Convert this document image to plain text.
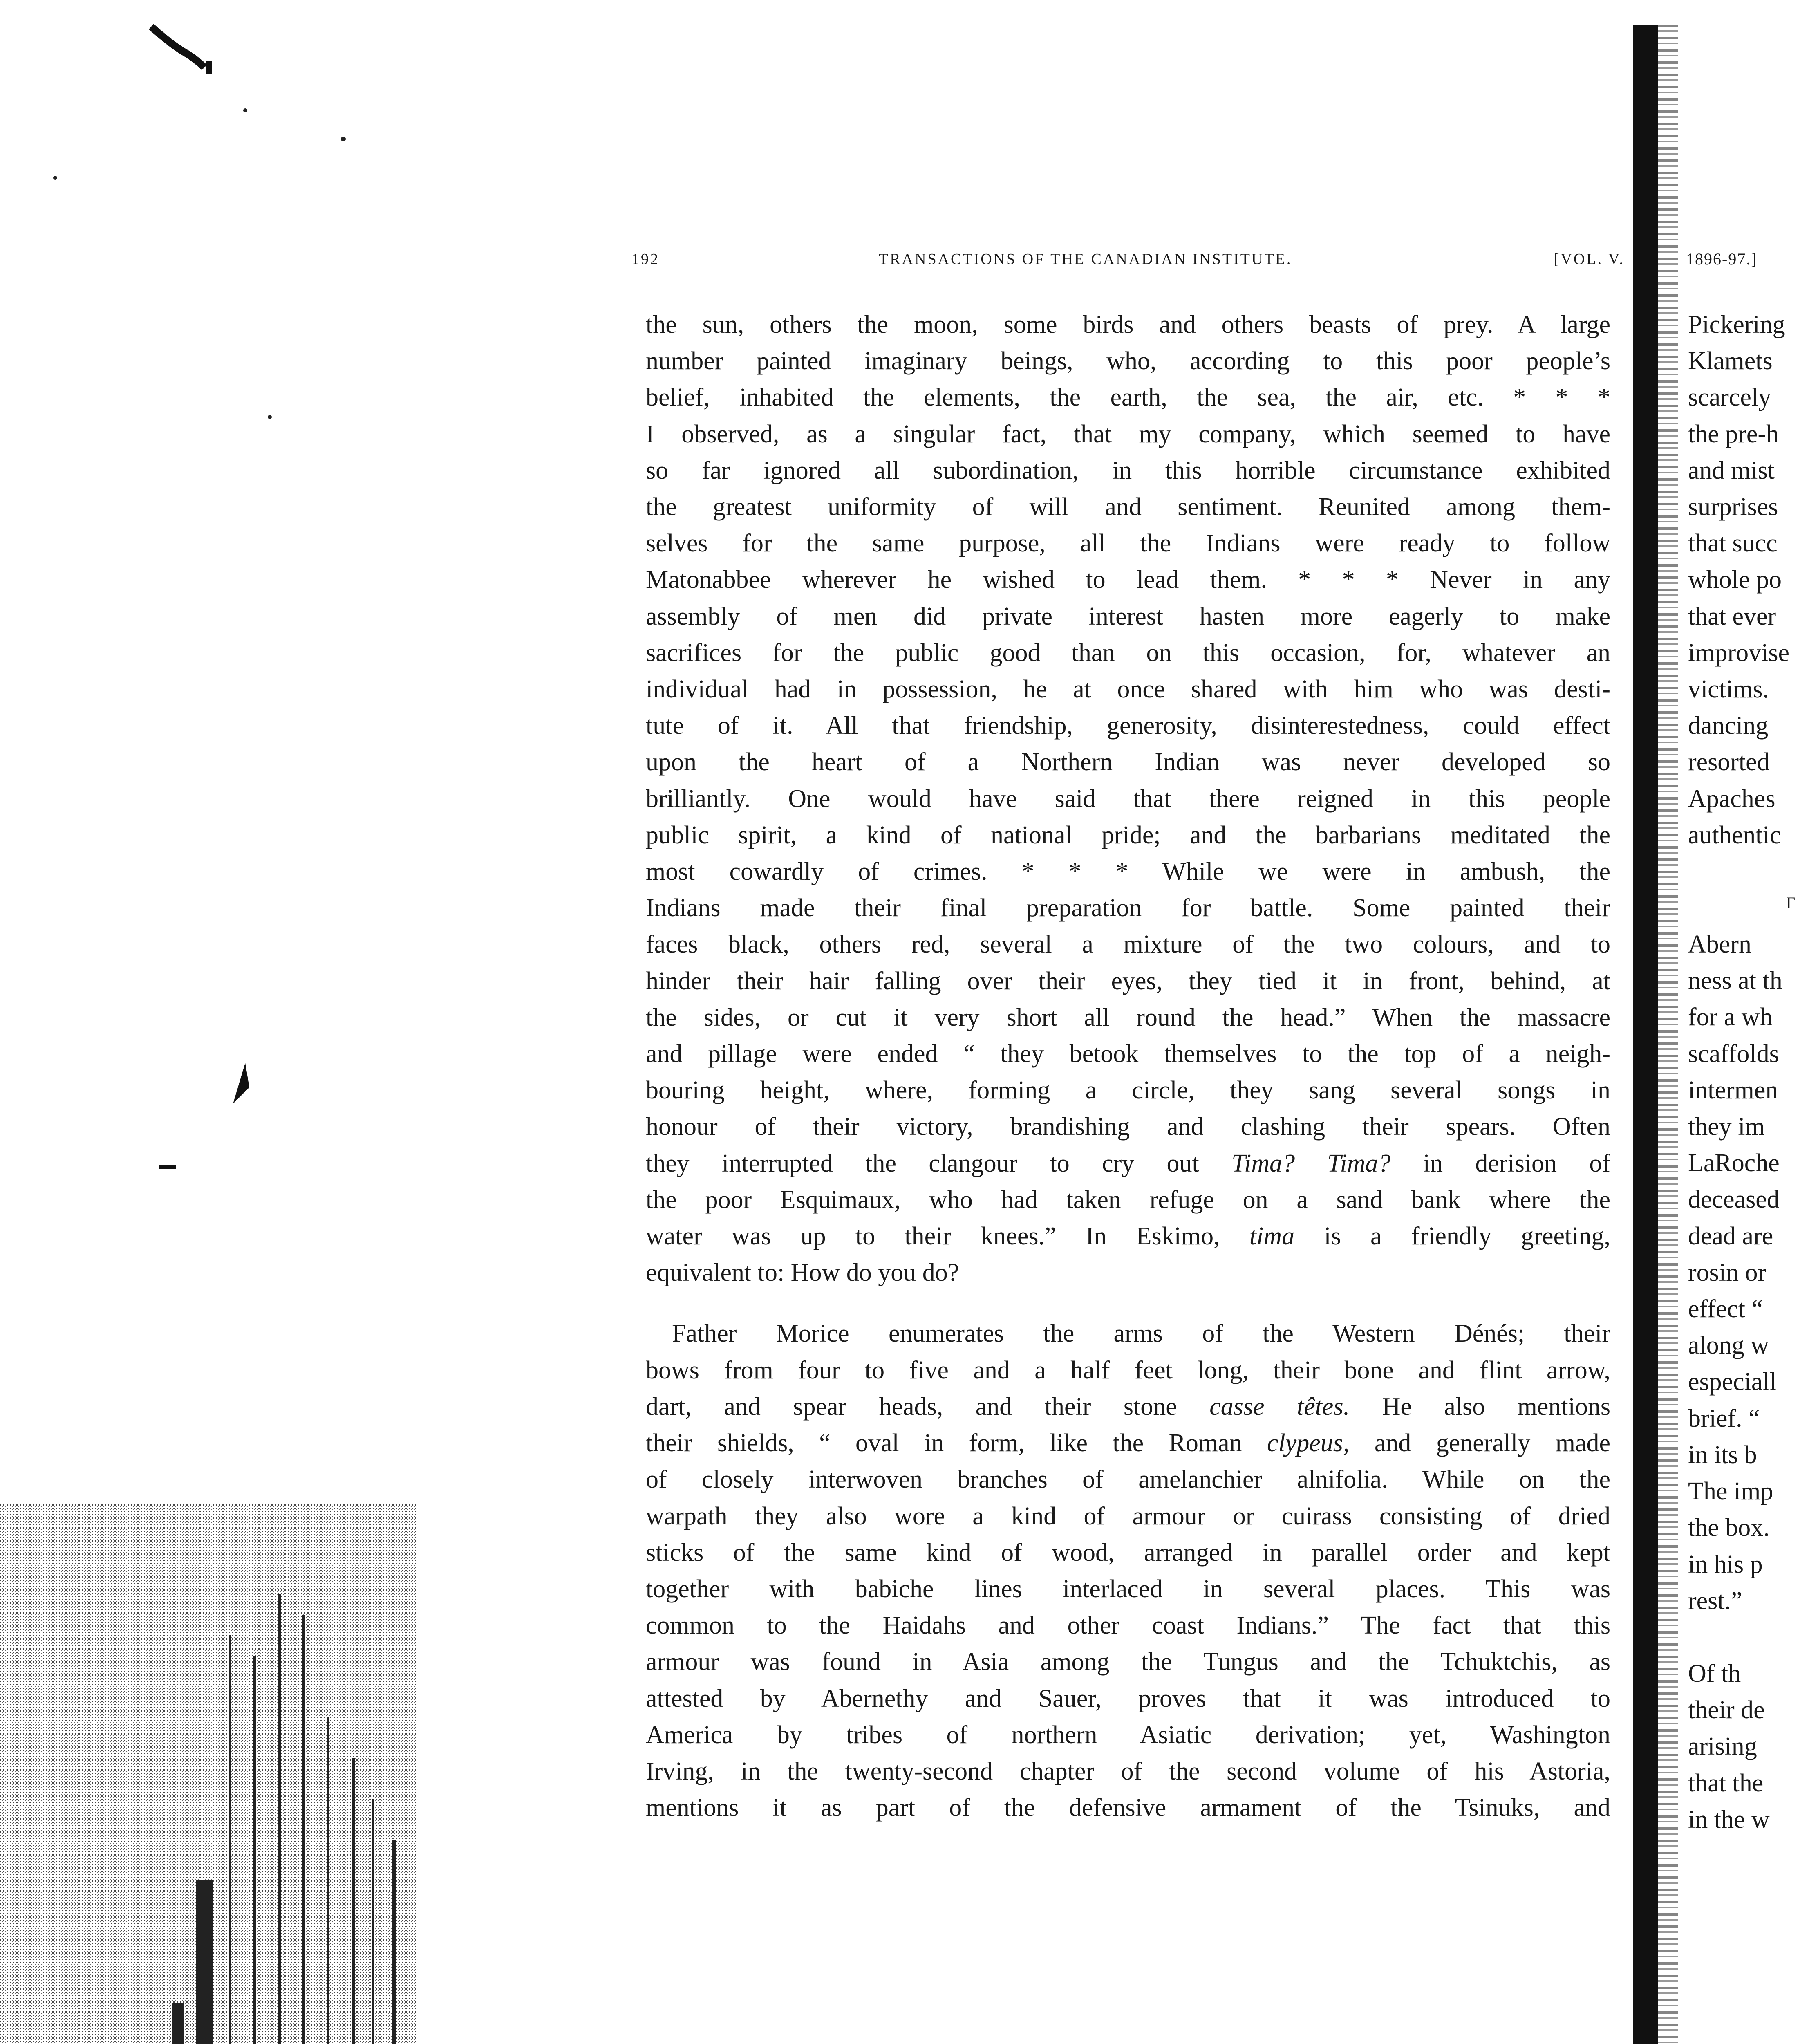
192	TRANSACTIONS OF THE CANADIAN INSTITUTE.	[VOL. V.
the sun, others the moon, some birds and others beasts of prey. A large
number painted imaginary beings, who, according to this poor people’s
belief, inhabited the elements, the earth, the sea, the air, etc. * * *
I observed, as a singular fact, that my company, which seemed to have
so far ignored all subordination, in this horrible circumstance exhibited
the greatest uniformity of will and sentiment. Reunited among them-
selves for the same purpose, all the Indians were ready to follow
Matonabbee wherever he wished to lead them. * * * Never in any
assembly of men did private interest hasten more eagerly to make
sacrifices for the public good than on this occasion, for, whatever an
individual had in possession, he at once shared with him who was desti-
tute of it. All that friendship, generosity, disinterestedness, could effect
upon the heart of a Northern Indian was never developed so
brilliantly. One would have said that there reigned in this people
public spirit, a kind of national pride; and the barbarians meditated the
most cowardly of crimes. * * * While we were in ambush, the
Indians made their final preparation for battle. Some painted their
faces black, others red, several a mixture of the two colours, and to
hinder their hair falling over their eyes, they tied it in front, behind, at
the sides, or cut it very short all round the head.” When the massacre
and pillage were ended “ they betook themselves to the top of a neigh-
bouring height, where, forming a circle, they sang several songs in
honour of their victory, brandishing and clashing their spears. Often
they interrupted the clangour to cry out Tima? Tima? in derision of
the poor Esquimaux, who had taken refuge on a sand bank where the
water was up to their knees.” In Eskimo, tima is a friendly greeting,
equivalent to: How do you do?
Father Morice enumerates the arms of the Western Dénés; their
bows from four to five and a half feet long, their bone and flint arrow,
dart, and spear heads, and their stone casse têtes. He also mentions
their shields, “ oval in form, like the Roman clypeus, and generally made
of closely interwoven branches of amelanchier alnifolia. While on the
warpath they also wore a kind of armour or cuirass consisting of dried
sticks of the same kind of wood, arranged in parallel order and kept
together with babiche lines interlaced in several places. This was
common to the Haidahs and other coast Indians.” The fact that this
armour was found in Asia among the Tungus and the Tchuktchis, as
attested by Abernethy and Sauer, proves that it was introduced to
America by tribes of northern Asiatic derivation; yet, Washington
Irving, in the twenty-second chapter of the second volume of his Astoria,
mentions it as part of the defensive armament of the Tsinuks, and
1896-97.]
Pickering
Klamets
scarcely
the pre-h
and mist
surprises
that succ
whole po
that ever
improvise
victims.
dancing
resorted
Apaches
authentic
Abern
ness at th
for a wh
scaffolds
intermen
they im
LaRoche
deceased
dead are
rosin or
effect “
along w
especiall
brief. “
in its b
The imp
the box.
in his p
rest.”
Of th
their de
arising
that the
in the w
F
